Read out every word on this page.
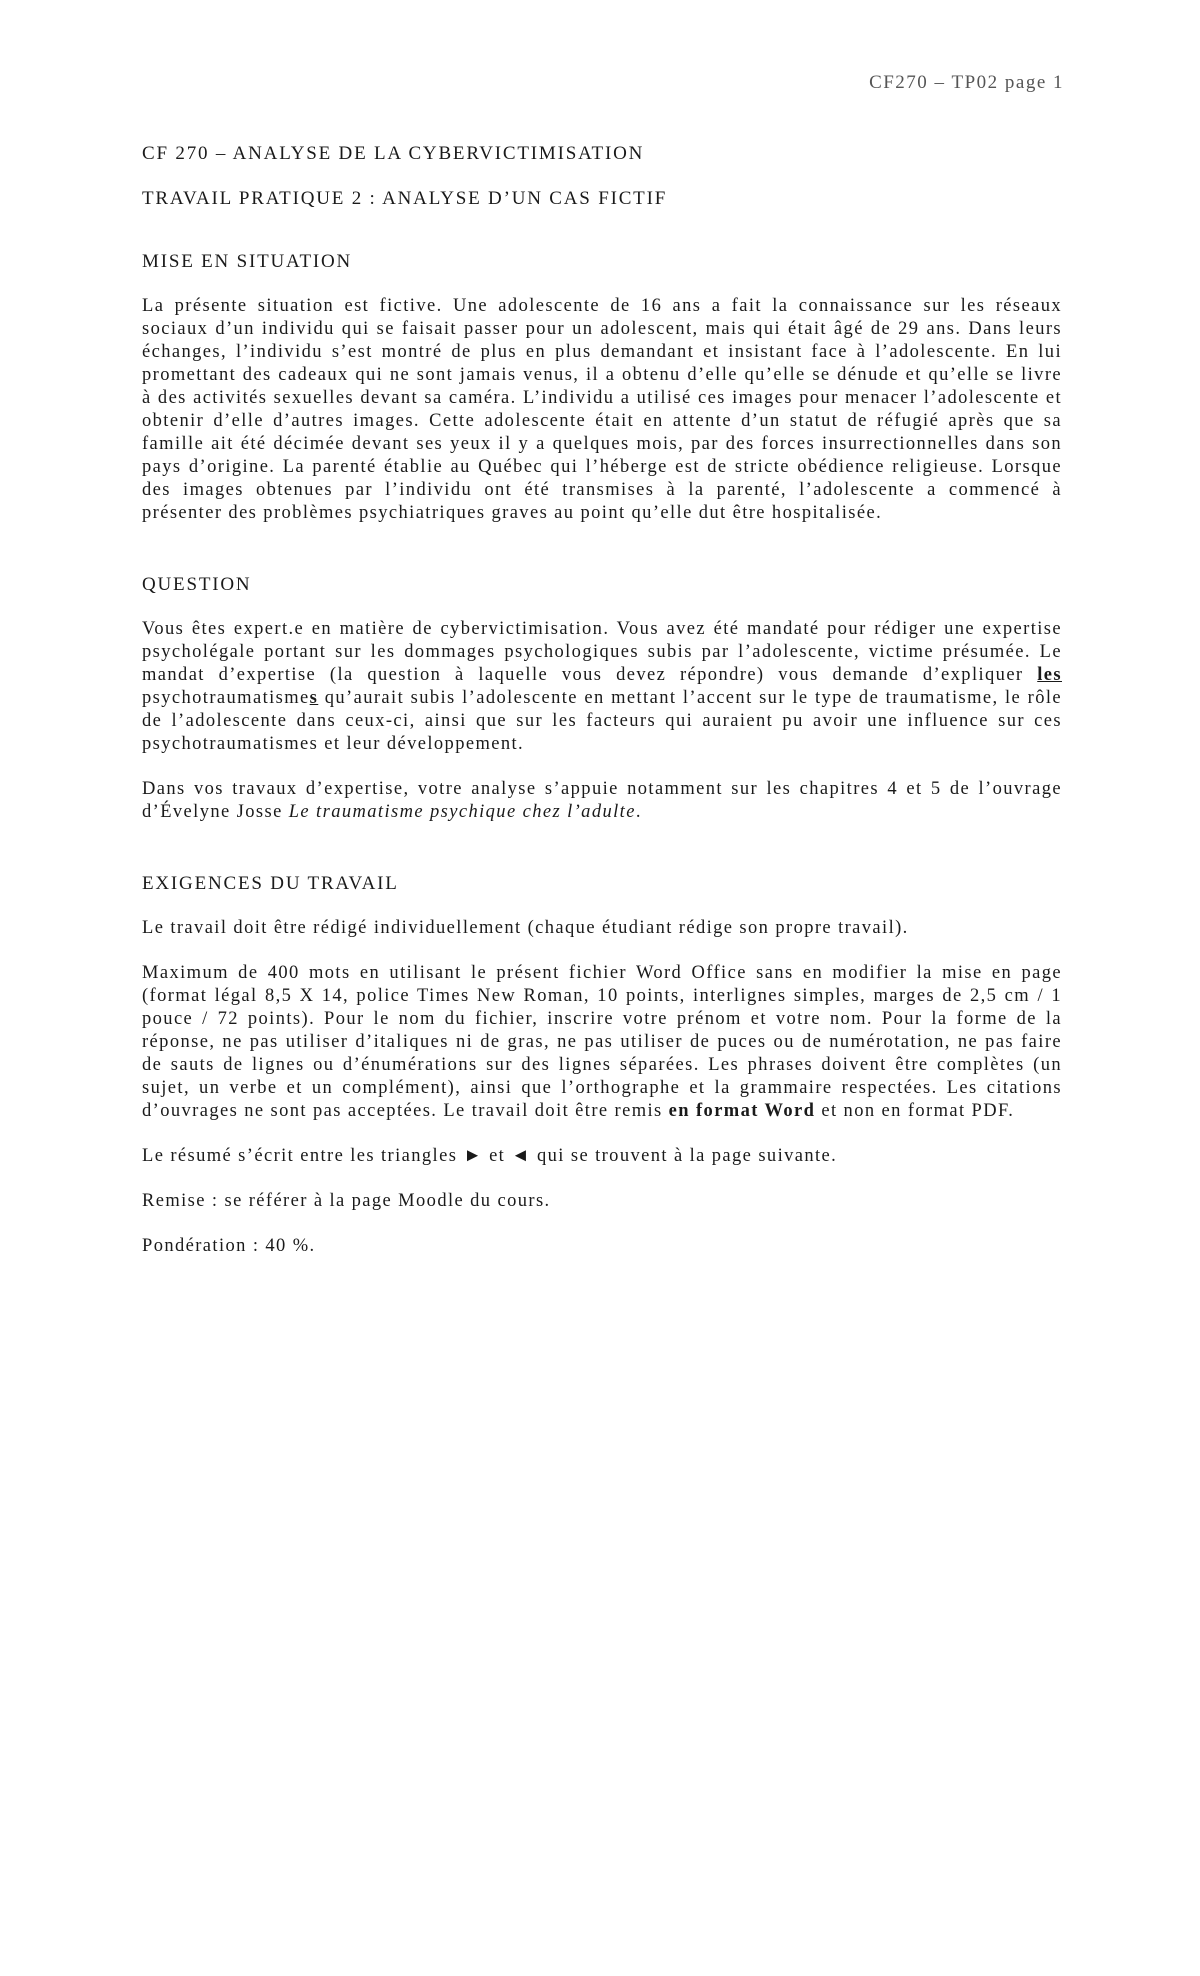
CF270 – TP02 page 1
CF 270 – ANALYSE DE LA CYBERVICTIMISATION
TRAVAIL PRATIQUE 2 : ANALYSE D’UN CAS FICTIF
MISE EN SITUATION

La présente situation est fictive. Une adolescente de 16 ans a fait la connaissance sur les réseaux sociaux d’un individu qui se faisait passer pour un adolescent, mais qui était âgé de 29 ans. Dans leurs échanges, l’individu s’est montré de plus en plus demandant et insistant face à l’adolescente. En lui promettant des cadeaux qui ne sont jamais venus, il a obtenu d’elle qu’elle se dénude et qu’elle se livre à des activités sexuelles devant sa caméra. L’individu a utilisé ces images pour menacer l’adolescente et obtenir d’elle d’autres images. Cette adolescente était en attente d’un statut de réfugié après que sa famille ait été décimée devant ses yeux il y a quelques mois, par des forces insurrectionnelles dans son pays d’origine. La parenté établie au Québec qui l’héberge est de stricte obédience religieuse. Lorsque des images obtenues par l’individu ont été transmises à la parenté, l’adolescente a commencé à présenter des problèmes psychiatriques graves au point qu’elle dut être hospitalisée.

QUESTION

Vous êtes expert.e en matière de cybervictimisation. Vous avez été mandaté pour rédiger une expertise psycholégale portant sur les dommages psychologiques subis par l’adolescente, victime présumée. Le mandat d’expertise (la question à laquelle vous devez répondre) vous demande d’expliquer les psychotraumatismes qu’aurait subis l’adolescente en mettant l’accent sur le type de traumatisme, le rôle de l’adolescente dans ceux-ci, ainsi que sur les facteurs qui auraient pu avoir une influence sur ces psychotraumatismes et leur développement.

Dans vos travaux d’expertise, votre analyse s’appuie notamment sur les chapitres 4 et 5 de l’ouvrage d’Évelyne Josse Le traumatisme psychique chez l’adulte.

EXIGENCES DU TRAVAIL

Le travail doit être rédigé individuellement (chaque étudiant rédige son propre travail).

Maximum de 400 mots en utilisant le présent fichier Word Office sans en modifier la mise en page (format légal 8,5 X 14, police Times New Roman, 10 points, interlignes simples, marges de 2,5 cm / 1 pouce / 72 points). Pour le nom du fichier, inscrire votre prénom et votre nom. Pour la forme de la réponse, ne pas utiliser d’italiques ni de gras, ne pas utiliser de puces ou de numérotation, ne pas faire de sauts de lignes ou d’énumérations sur des lignes séparées. Les phrases doivent être complètes (un sujet, un verbe et un complément), ainsi que l’orthographe et la grammaire respectées. Les citations d’ouvrages ne sont pas acceptées. Le travail doit être remis en format Word et non en format PDF.

Le résumé s’écrit entre les triangles ► et ◄ qui se trouvent à la page suivante.

Remise : se référer à la page Moodle du cours.

Pondération : 40 %.
